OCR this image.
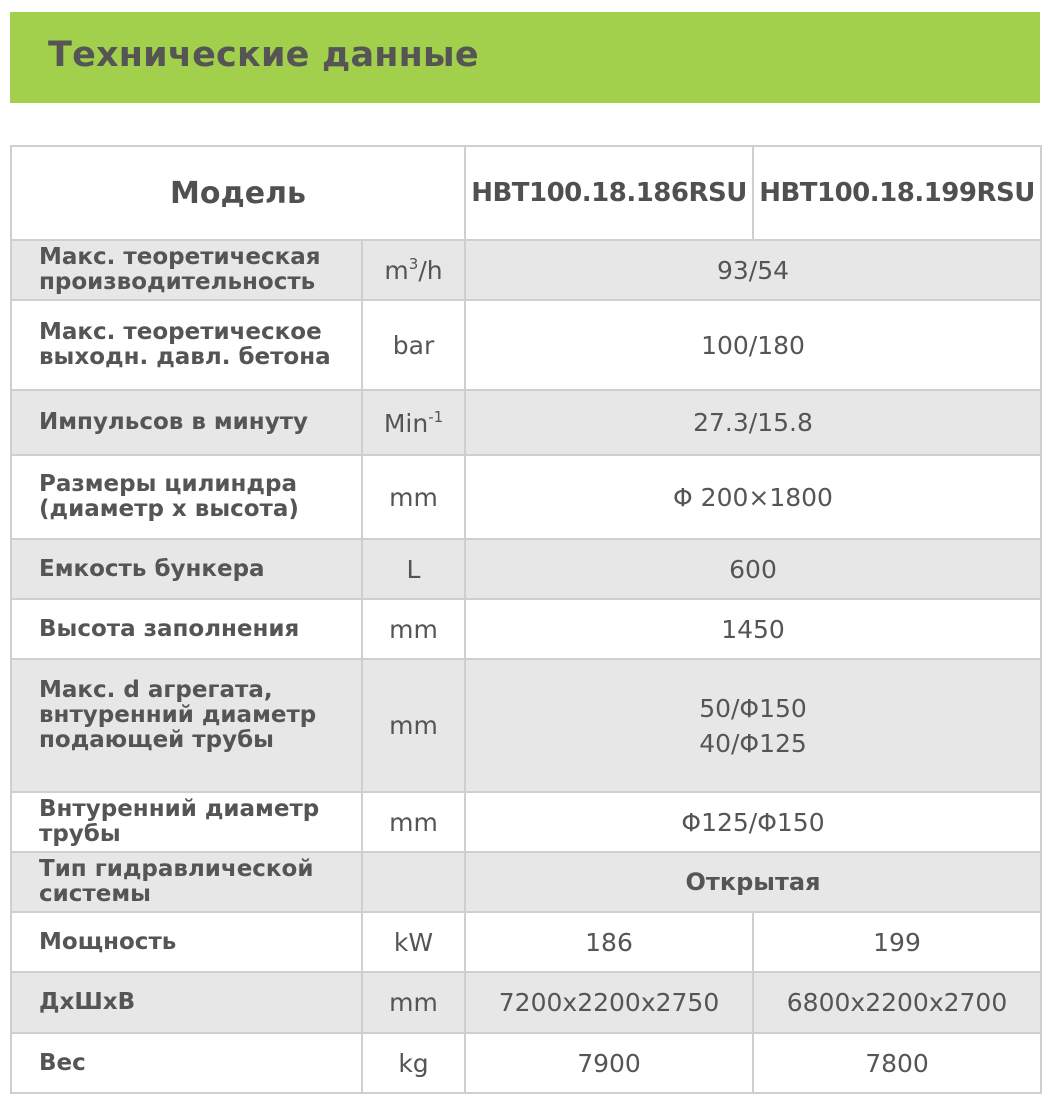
Технические данные
Модель		HBT100.18.186RSU	HBT100.18.199RSU
Макс. теоретическая
производительность	$m^3/h$	93/54	
Макс. теоретическое
выходн. давл. бетона	bar	100/180	
Импульсов в минуту	Min$^{-1}$	27.3/15.8	
Размеры цилиндра
(диаметр х высота)	mm	Φ 200×1800	
Емкость бункера	L	600	
Высота заполнения	mm	1450	
Макс. d агрегата,
внтуренний диаметр
подающей трубы	mm	50/Φ150
40/Φ125	
Внтуренний диаметр
трубы	mm	Φ125/Φ150	
Тип гидравлической
системы		Открытая	
Мощность	kW	186	199
ДхШхВ	mm	7200x2200x2750	6800x2200x2700
Вес	kg	7900	7800
